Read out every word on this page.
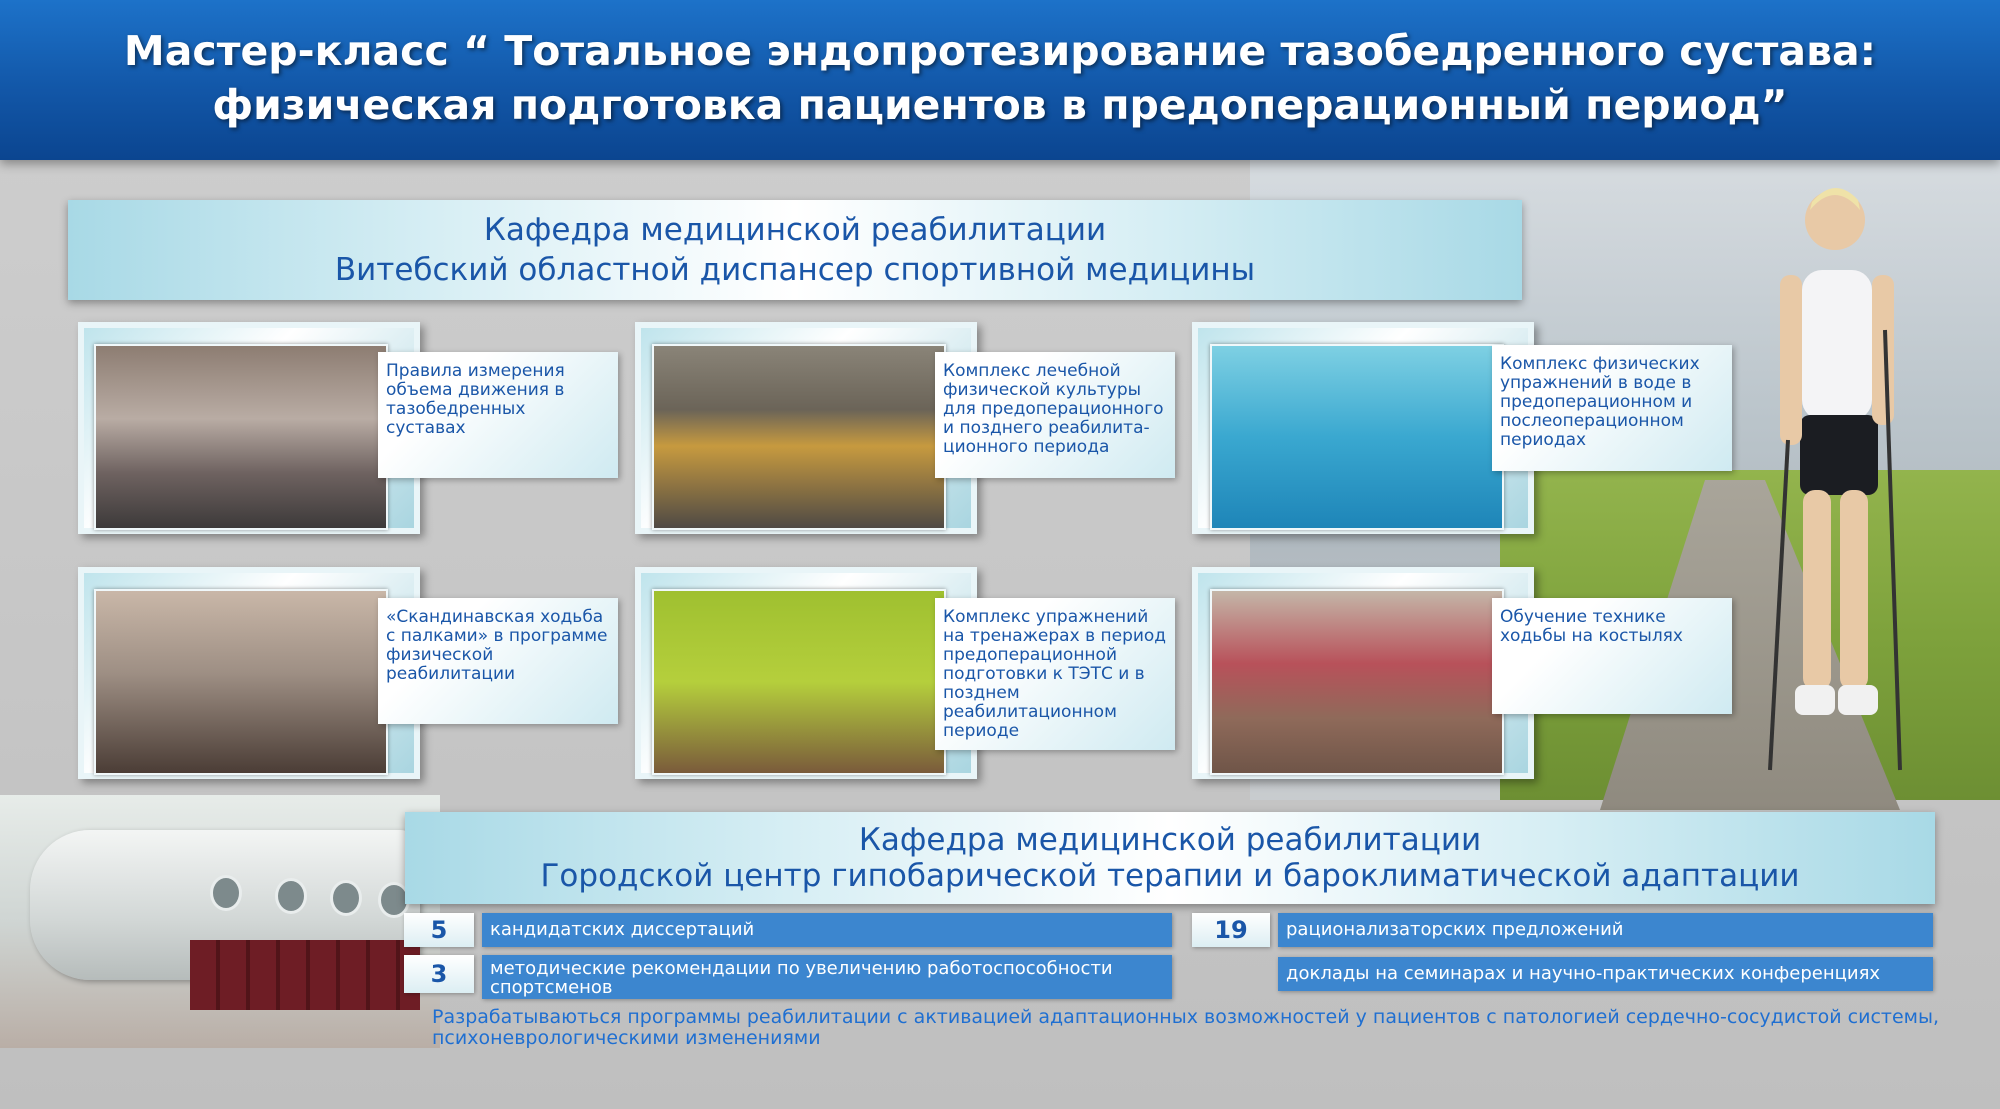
Мастер-класс “ Тотальное эндопротезирование тазобедренного сустава:
физическая подготовка пациентов в предоперационный период”
Кафедра медицинской реабилитации
Витебский областной диспансер спортивной медицины
Правила измерения объема движения в тазобедренных суставах
Комплекс лечебной физической культуры для предоперационного и позднего реабилита-ционного периода
Комплекс физических упражнений в воде в предоперационном и послеоперационном периодах
«Скандинавская ходьба с палками» в программе физической реабилитации
Комплекс упражнений на тренажерах в период предоперационной подготовки к ТЭТС и в позднем реабилитационном периоде
Обучение технике ходьбы на костылях
Кафедра медицинской реабилитации
Городской центр гипобарической терапии и бароклиматической адаптации
5	кандидатских диссертаций
3	методические рекомендации по увеличению работоспособности спортсменов
19	рационализаторских предложений
доклады на семинарах и научно-практических конференциях
Разрабатываються программы реабилитации с активацией адаптационных возможностей у пациентов с патологией сердечно-сосудистой системы, психоневрологическими изменениями
